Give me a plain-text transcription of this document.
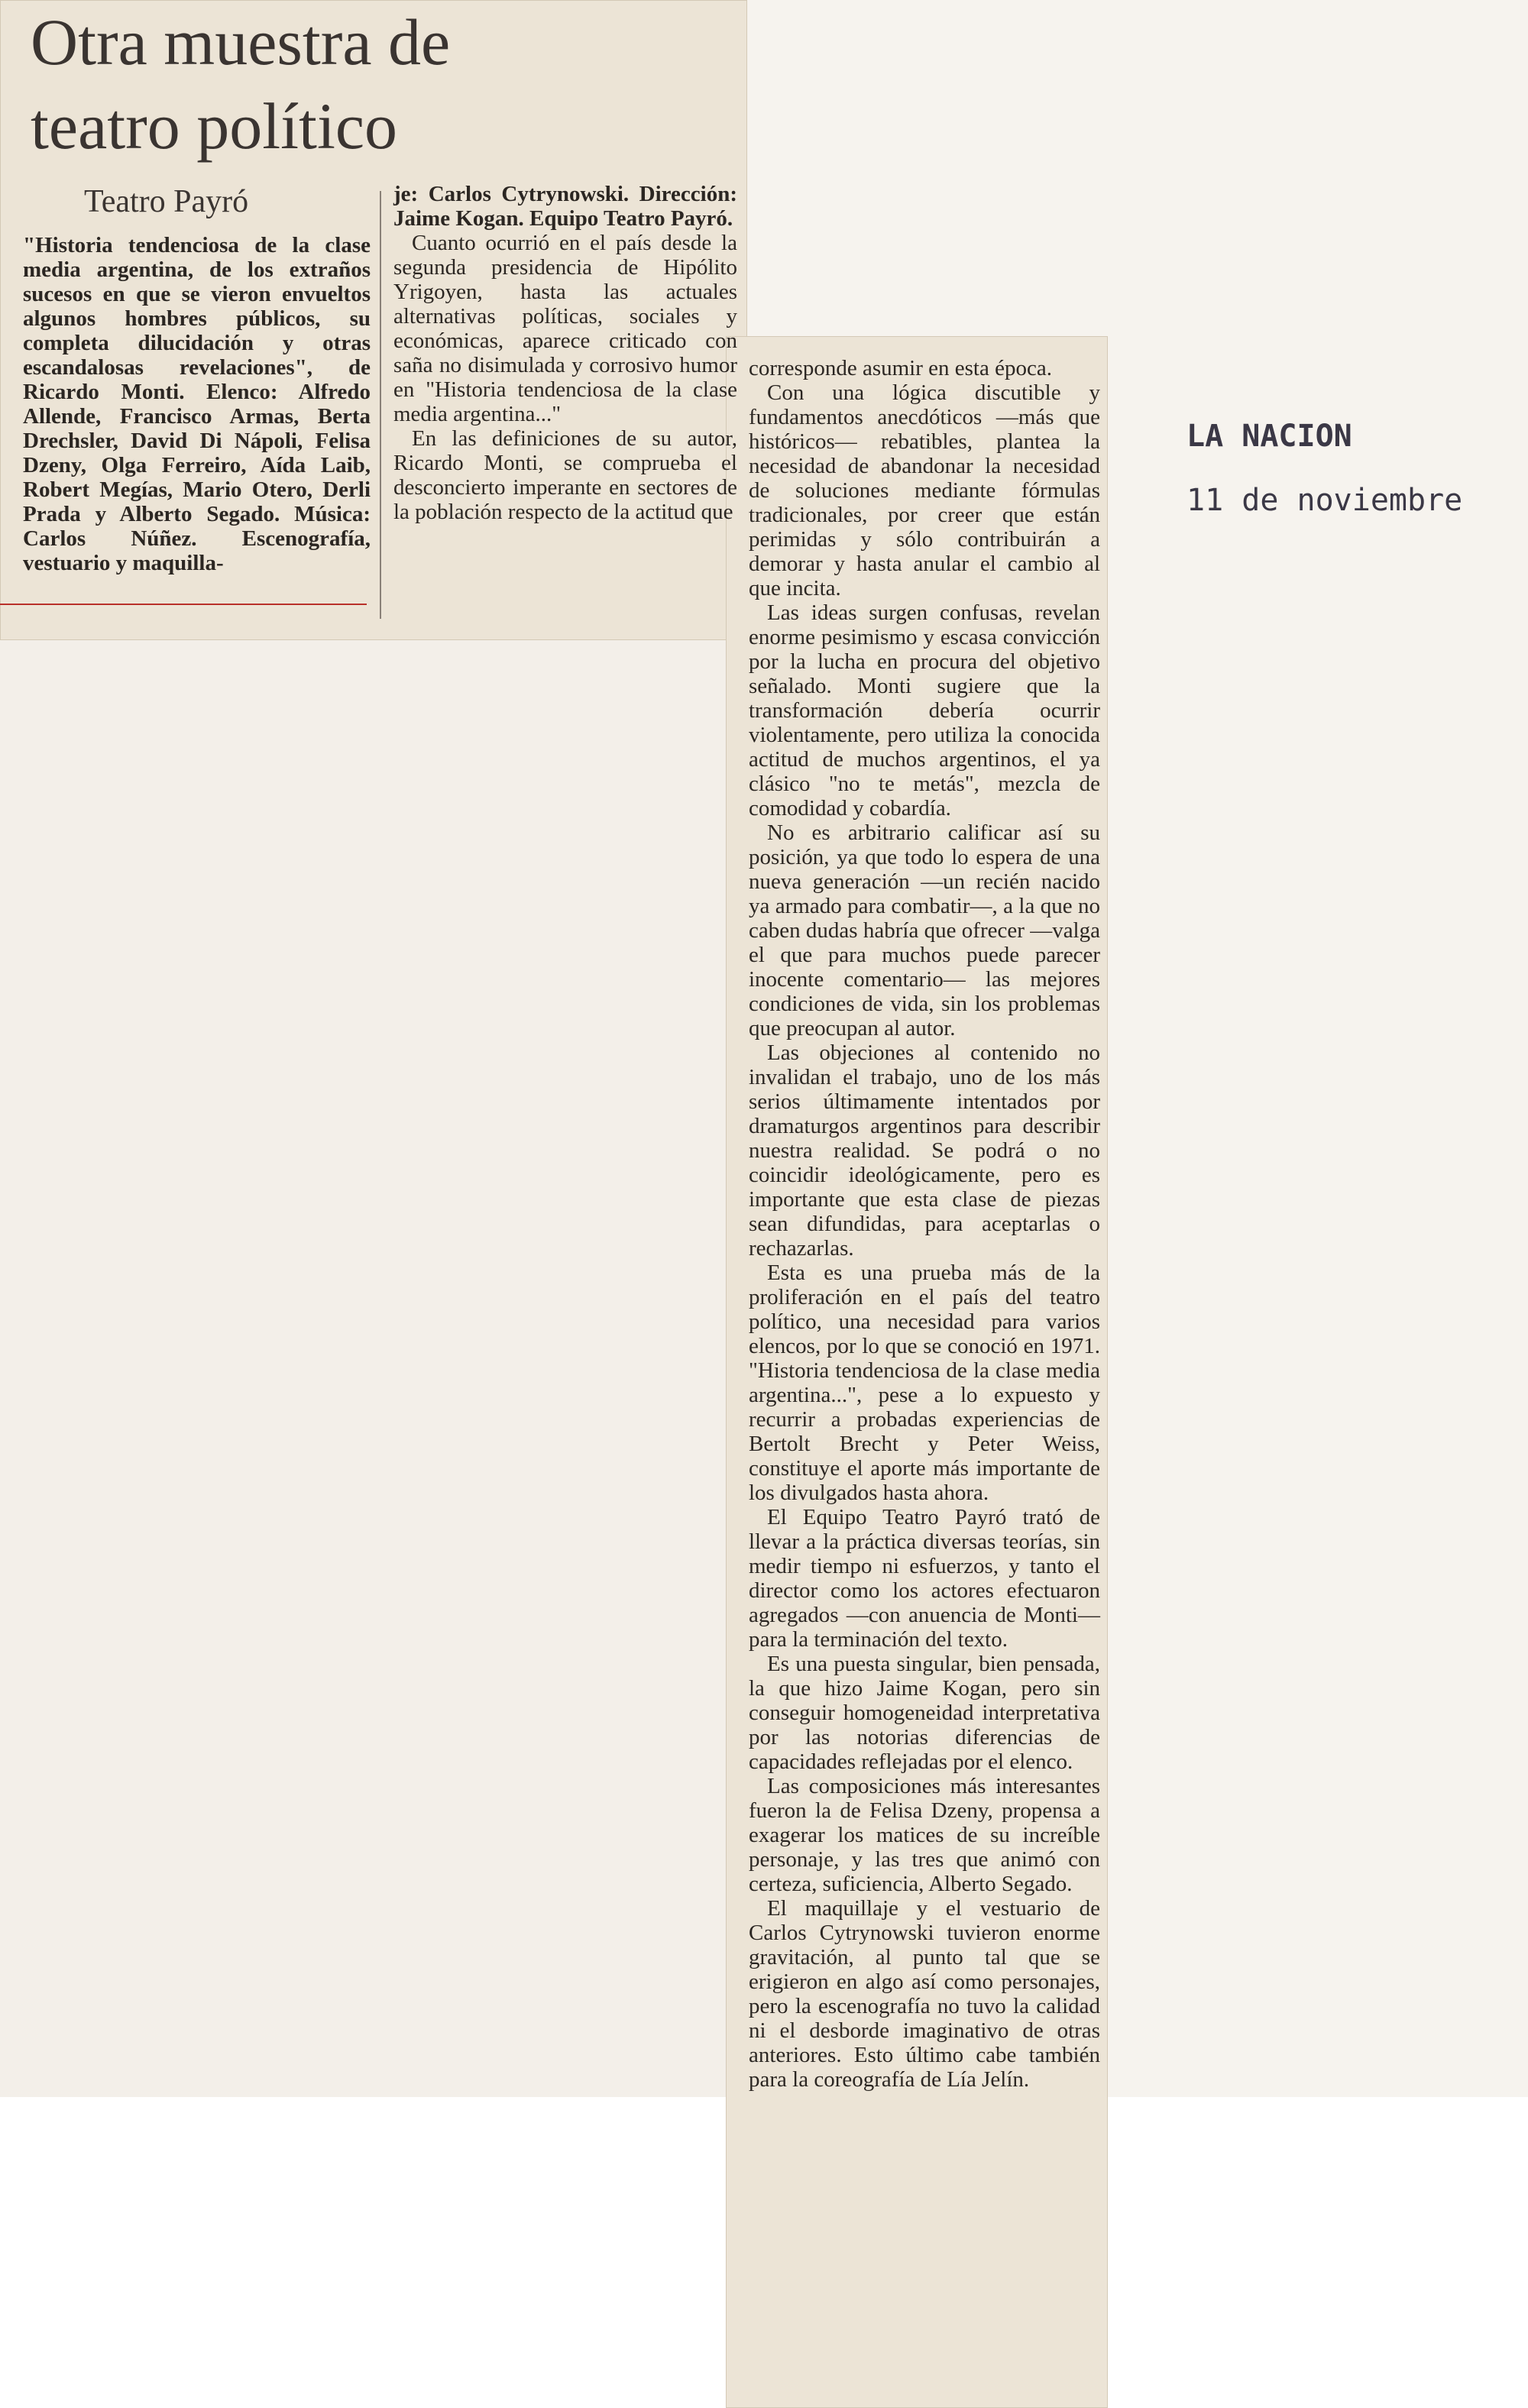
Otra muestra de
teatro político
Teatro Payró

"Historia tendenciosa de la clase media argentina, de los extraños sucesos en que se vieron envueltos algunos hombres públicos, su completa dilucidación y otras escandalosas revelaciones", de Ricardo Monti. Elenco: Alfredo Allende, Francisco Armas, Berta Drechsler, David Di Nápoli, Felisa Dzeny, Olga Ferreiro, Aída Laib, Robert Megías, Mario Otero, Derli Prada y Alberto Segado. Música: Carlos Núñez. Escenografía, vestuario y maquilla-

je: Carlos Cytrynowski. Dirección: Jaime Kogan. Equipo Teatro Payró.

Cuanto ocurrió en el país desde la segunda presidencia de Hipólito Yrigoyen, hasta las actuales alternativas políticas, sociales y económicas, aparece criticado con saña no disimulada y corrosivo humor en "Historia tendenciosa de la clase media argentina..."

En las definiciones de su autor, Ricardo Monti, se comprueba el desconcierto imperante en sectores de la población respecto de la actitud que

corresponde asumir en esta época.

Con una lógica discutible y fundamentos anecdóticos —más que históricos— rebatibles, plantea la necesidad de abandonar la necesidad de soluciones mediante fórmulas tradicionales, por creer que están perimidas y sólo contribuirán a demorar y hasta anular el cambio al que incita.

Las ideas surgen confusas, revelan enorme pesimismo y escasa convicción por la lucha en procura del objetivo señalado. Monti sugiere que la transformación debería ocurrir violentamente, pero utiliza la conocida actitud de muchos argentinos, el ya clásico "no te metás", mezcla de comodidad y cobardía.

No es arbitrario calificar así su posición, ya que todo lo espera de una nueva generación —un recién nacido ya armado para combatir—, a la que no caben dudas habría que ofrecer —valga el que para muchos puede parecer inocente comentario— las mejores condiciones de vida, sin los problemas que preocupan al autor.

Las objeciones al contenido no invalidan el trabajo, uno de los más serios últimamente intentados por dramaturgos argentinos para describir nuestra realidad. Se podrá o no coincidir ideológicamente, pero es importante que esta clase de piezas sean difundidas, para aceptarlas o rechazarlas.

Esta es una prueba más de la proliferación en el país del teatro político, una necesidad para varios elencos, por lo que se conoció en 1971. "Historia tendenciosa de la clase media argentina...", pese a lo expuesto y recurrir a probadas experiencias de Bertolt Brecht y Peter Weiss, constituye el aporte más importante de los divulgados hasta ahora.

El Equipo Teatro Payró trató de llevar a la práctica diversas teorías, sin medir tiempo ni esfuerzos, y tanto el director como los actores efectuaron agregados —con anuencia de Monti— para la terminación del texto.

Es una puesta singular, bien pensada, la que hizo Jaime Kogan, pero sin conseguir homogeneidad interpretativa por las notorias diferencias de capacidades reflejadas por el elenco.

Las composiciones más interesantes fueron la de Felisa Dzeny, propensa a exagerar los matices de su increíble personaje, y las tres que animó con certeza, suficiencia, Alberto Segado.

El maquillaje y el vestuario de Carlos Cytrynowski tuvieron enorme gravitación, al punto tal que se erigieron en algo así como personajes, pero la escenografía no tuvo la calidad ni el desborde imaginativo de otras anteriores. Esto último cabe también para la coreografía de Lía Jelín.

LA NACION
11 de noviembre
